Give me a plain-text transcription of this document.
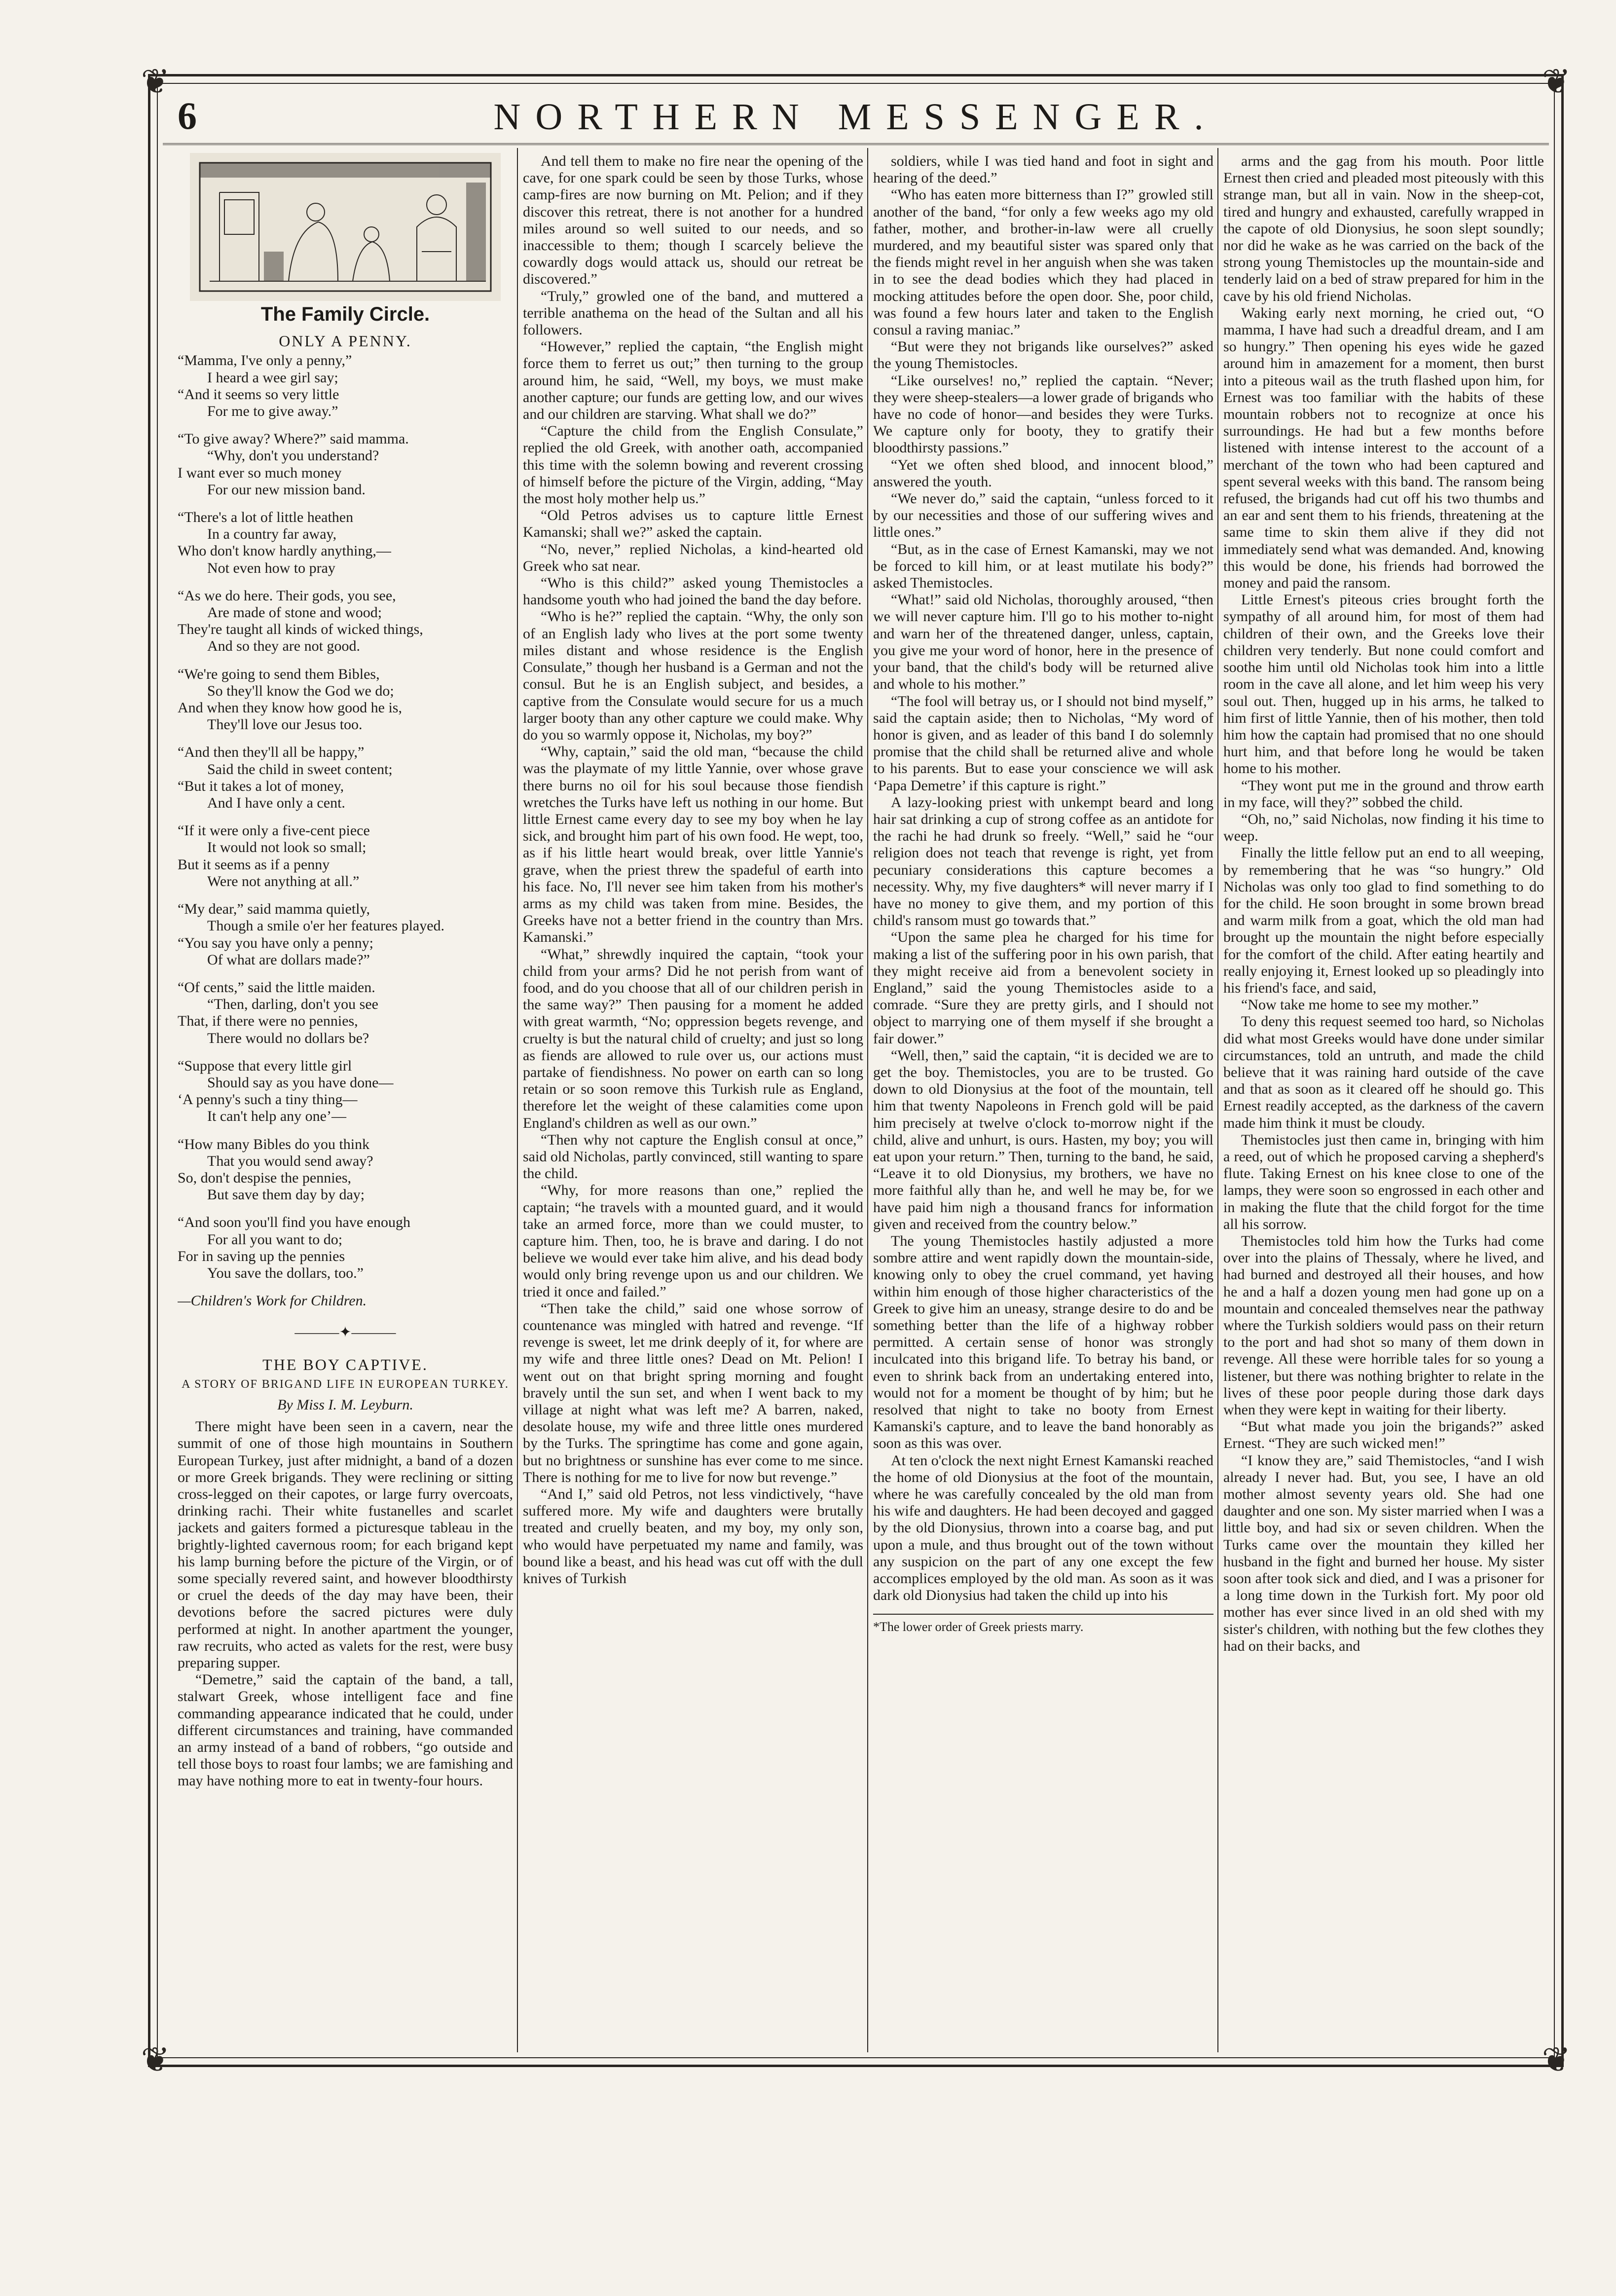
❦	❦
❦	❦
6	NORTHERN MESSENGER.
The Family Circle.
ONLY A PENNY.
“Mamma, I've only a penny,”
I heard a wee girl say;
“And it seems so very little
For me to give away.”
“To give away? Where?” said mamma.
“Why, don't you understand?
I want ever so much money
For our new mission band.
“There's a lot of little heathen
In a country far away,
Who don't know hardly anything,—
Not even how to pray
“As we do here. Their gods, you see,
Are made of stone and wood;
They're taught all kinds of wicked things,
And so they are not good.
“We're going to send them Bibles,
So they'll know the God we do;
And when they know how good he is,
They'll love our Jesus too.
“And then they'll all be happy,”
Said the child in sweet content;
“But it takes a lot of money,
And I have only a cent.
“If it were only a five-cent piece
It would not look so small;
But it seems as if a penny
Were not anything at all.”
“My dear,” said mamma quietly,
Though a smile o'er her features played.
“You say you have only a penny;
Of what are dollars made?”
“Of cents,” said the little maiden.
“Then, darling, don't you see
That, if there were no pennies,
There would no dollars be?
“Suppose that every little girl
Should say as you have done—
‘A penny's such a tiny thing—
It can't help any one’—
“How many Bibles do you think
That you would send away?
So, don't despise the pennies,
But save them day by day;
“And soon you'll find you have enough
For all you want to do;
For in saving up the pennies
You save the dollars, too.”
—Children's Work for Children.
———✦———
THE BOY CAPTIVE.
A STORY OF BRIGAND LIFE IN EUROPEAN TURKEY.
By Miss I. M. Leyburn.

There might have been seen in a cavern, near the summit of one of those high mountains in Southern European Turkey, just after midnight, a band of a dozen or more Greek brigands. They were reclining or sitting cross-legged on their capotes, or large furry overcoats, drinking rachi. Their white fustanelles and scarlet jackets and gaiters formed a picturesque tableau in the brightly-lighted cavernous room; for each brigand kept his lamp burning before the picture of the Virgin, or of some specially revered saint, and however bloodthirsty or cruel the deeds of the day may have been, their devotions before the sacred pictures were duly performed at night. In another apartment the younger, raw recruits, who acted as valets for the rest, were busy preparing supper.

“Demetre,” said the captain of the band, a tall, stalwart Greek, whose intelligent face and fine commanding appearance indicated that he could, under different circumstances and training, have commanded an army instead of a band of robbers, “go outside and tell those boys to roast four lambs; we are famishing and may have nothing more to eat in twenty-four hours.

And tell them to make no fire near the opening of the cave, for one spark could be seen by those Turks, whose camp-fires are now burning on Mt. Pelion; and if they discover this retreat, there is not another for a hundred miles around so well suited to our needs, and so inaccessible to them; though I scarcely believe the cowardly dogs would attack us, should our retreat be discovered.”

“Truly,” growled one of the band, and muttered a terrible anathema on the head of the Sultan and all his followers.

“However,” replied the captain, “the English might force them to ferret us out;” then turning to the group around him, he said, “Well, my boys, we must make another capture; our funds are getting low, and our wives and our children are starving. What shall we do?”

“Capture the child from the English Consulate,” replied the old Greek, with another oath, accompanied this time with the solemn bowing and reverent crossing of himself before the picture of the Virgin, adding, “May the most holy mother help us.”

“Old Petros advises us to capture little Ernest Kamanski; shall we?” asked the captain.

“No, never,” replied Nicholas, a kind-hearted old Greek who sat near.

“Who is this child?” asked young Themistocles a handsome youth who had joined the band the day before.

“Who is he?” replied the captain. “Why, the only son of an English lady who lives at the port some twenty miles distant and whose residence is the English Consulate,” though her husband is a German and not the consul. But he is an English subject, and besides, a captive from the Consulate would secure for us a much larger booty than any other capture we could make. Why do you so warmly oppose it, Nicholas, my boy?”

“Why, captain,” said the old man, “because the child was the playmate of my little Yannie, over whose grave there burns no oil for his soul because those fiendish wretches the Turks have left us nothing in our home. But little Ernest came every day to see my boy when he lay sick, and brought him part of his own food. He wept, too, as if his little heart would break, over little Yannie's grave, when the priest threw the spadeful of earth into his face. No, I'll never see him taken from his mother's arms as my child was taken from mine. Besides, the Greeks have not a better friend in the country than Mrs. Kamanski.”

“What,” shrewdly inquired the captain, “took your child from your arms? Did he not perish from want of food, and do you choose that all of our children perish in the same way?” Then pausing for a moment he added with great warmth, “No; oppression begets revenge, and cruelty is but the natural child of cruelty; and just so long as fiends are allowed to rule over us, our actions must partake of fiendishness. No power on earth can so long retain or so soon remove this Turkish rule as England, therefore let the weight of these calamities come upon England's children as well as our own.”

“Then why not capture the English consul at once,” said old Nicholas, partly convinced, still wanting to spare the child.

“Why, for more reasons than one,” replied the captain; “he travels with a mounted guard, and it would take an armed force, more than we could muster, to capture him. Then, too, he is brave and daring. I do not believe we would ever take him alive, and his dead body would only bring revenge upon us and our children. We tried it once and failed.”

“Then take the child,” said one whose sorrow of countenance was mingled with hatred and revenge. “If revenge is sweet, let me drink deeply of it, for where are my wife and three little ones? Dead on Mt. Pelion! I went out on that bright spring morning and fought bravely until the sun set, and when I went back to my village at night what was left me? A barren, naked, desolate house, my wife and three little ones murdered by the Turks. The springtime has come and gone again, but no brightness or sunshine has ever come to me since. There is nothing for me to live for now but revenge.”

“And I,” said old Petros, not less vindictively, “have suffered more. My wife and daughters were brutally treated and cruelly beaten, and my boy, my only son, who would have perpetuated my name and family, was bound like a beast, and his head was cut off with the dull knives of Turkish

soldiers, while I was tied hand and foot in sight and hearing of the deed.”

“Who has eaten more bitterness than I?” growled still another of the band, “for only a few weeks ago my old father, mother, and brother-in-law were all cruelly murdered, and my beautiful sister was spared only that the fiends might revel in her anguish when she was taken in to see the dead bodies which they had placed in mocking attitudes before the open door. She, poor child, was found a few hours later and taken to the English consul a raving maniac.”

“But were they not brigands like ourselves?” asked the young Themistocles.

“Like ourselves! no,” replied the captain. “Never; they were sheep-stealers—a lower grade of brigands who have no code of honor—and besides they were Turks. We capture only for booty, they to gratify their bloodthirsty passions.”

“Yet we often shed blood, and innocent blood,” answered the youth.

“We never do,” said the captain, “unless forced to it by our necessities and those of our suffering wives and little ones.”

“But, as in the case of Ernest Kamanski, may we not be forced to kill him, or at least mutilate his body?” asked Themistocles.

“What!” said old Nicholas, thoroughly aroused, “then we will never capture him. I'll go to his mother to-night and warn her of the threatened danger, unless, captain, you give me your word of honor, here in the presence of your band, that the child's body will be returned alive and whole to his mother.”

“The fool will betray us, or I should not bind myself,” said the captain aside; then to Nicholas, “My word of honor is given, and as leader of this band I do solemnly promise that the child shall be returned alive and whole to his parents. But to ease your conscience we will ask ‘Papa Demetre’ if this capture is right.”

A lazy-looking priest with unkempt beard and long hair sat drinking a cup of strong coffee as an antidote for the rachi he had drunk so freely. “Well,” said he “our religion does not teach that revenge is right, yet from pecuniary considerations this capture becomes a necessity. Why, my five daughters* will never marry if I have no money to give them, and my portion of this child's ransom must go towards that.”

“Upon the same plea he charged for his time for making a list of the suffering poor in his own parish, that they might receive aid from a benevolent society in England,” said the young Themistocles aside to a comrade. “Sure they are pretty girls, and I should not object to marrying one of them myself if she brought a fair dower.”

“Well, then,” said the captain, “it is decided we are to get the boy. Themistocles, you are to be trusted. Go down to old Dionysius at the foot of the mountain, tell him that twenty Napoleons in French gold will be paid him precisely at twelve o'clock to-morrow night if the child, alive and unhurt, is ours. Hasten, my boy; you will eat upon your return.” Then, turning to the band, he said, “Leave it to old Dionysius, my brothers, we have no more faithful ally than he, and well he may be, for we have paid him nigh a thousand francs for information given and received from the country below.”

The young Themistocles hastily adjusted a more sombre attire and went rapidly down the mountain-side, knowing only to obey the cruel command, yet having within him enough of those higher characteristics of the Greek to give him an uneasy, strange desire to do and be something better than the life of a highway robber permitted. A certain sense of honor was strongly inculcated into this brigand life. To betray his band, or even to shrink back from an undertaking entered into, would not for a moment be thought of by him; but he resolved that night to take no booty from Ernest Kamanski's capture, and to leave the band honorably as soon as this was over.

At ten o'clock the next night Ernest Kamanski reached the home of old Dionysius at the foot of the mountain, where he was carefully concealed by the old man from his wife and daughters. He had been decoyed and gagged by the old Dionysius, thrown into a coarse bag, and put upon a mule, and thus brought out of the town without any suspicion on the part of any one except the few accomplices employed by the old man. As soon as it was dark old Dionysius had taken the child up into his

*The lower order of Greek priests marry.

arms and the gag from his mouth. Poor little Ernest then cried and pleaded most piteously with this strange man, but all in vain. Now in the sheep-cot, tired and hungry and exhausted, carefully wrapped in the capote of old Dionysius, he soon slept soundly; nor did he wake as he was carried on the back of the strong young Themistocles up the mountain-side and tenderly laid on a bed of straw prepared for him in the cave by his old friend Nicholas.

Waking early next morning, he cried out, “O mamma, I have had such a dreadful dream, and I am so hungry.” Then opening his eyes wide he gazed around him in amazement for a moment, then burst into a piteous wail as the truth flashed upon him, for Ernest was too familiar with the habits of these mountain robbers not to recognize at once his surroundings. He had but a few months before listened with intense interest to the account of a merchant of the town who had been captured and spent several weeks with this band. The ransom being refused, the brigands had cut off his two thumbs and an ear and sent them to his friends, threatening at the same time to skin them alive if they did not immediately send what was demanded. And, knowing this would be done, his friends had borrowed the money and paid the ransom.

Little Ernest's piteous cries brought forth the sympathy of all around him, for most of them had children of their own, and the Greeks love their children very tenderly. But none could comfort and soothe him until old Nicholas took him into a little room in the cave all alone, and let him weep his very soul out. Then, hugged up in his arms, he talked to him first of little Yannie, then of his mother, then told him how the captain had promised that no one should hurt him, and that before long he would be taken home to his mother.

“They wont put me in the ground and throw earth in my face, will they?” sobbed the child.

“Oh, no,” said Nicholas, now finding it his time to weep.

Finally the little fellow put an end to all weeping, by remembering that he was “so hungry.” Old Nicholas was only too glad to find something to do for the child. He soon brought in some brown bread and warm milk from a goat, which the old man had brought up the mountain the night before especially for the comfort of the child. After eating heartily and really enjoying it, Ernest looked up so pleadingly into his friend's face, and said,

“Now take me home to see my mother.”

To deny this request seemed too hard, so Nicholas did what most Greeks would have done under similar circumstances, told an untruth, and made the child believe that it was raining hard outside of the cave and that as soon as it cleared off he should go. This Ernest readily accepted, as the darkness of the cavern made him think it must be cloudy.

Themistocles just then came in, bringing with him a reed, out of which he proposed carving a shepherd's flute. Taking Ernest on his knee close to one of the lamps, they were soon so engrossed in each other and in making the flute that the child forgot for the time all his sorrow.

Themistocles told him how the Turks had come over into the plains of Thessaly, where he lived, and had burned and destroyed all their houses, and how he and a half a dozen young men had gone up on a mountain and concealed themselves near the pathway where the Turkish soldiers would pass on their return to the port and had shot so many of them down in revenge. All these were horrible tales for so young a listener, but there was nothing brighter to relate in the lives of these poor people during those dark days when they were kept in waiting for their liberty.

“But what made you join the brigands?” asked Ernest. “They are such wicked men!”

“I know they are,” said Themistocles, “and I wish already I never had. But, you see, I have an old mother almost seventy years old. She had one daughter and one son. My sister married when I was a little boy, and had six or seven children. When the Turks came over the mountain they killed her husband in the fight and burned her house. My sister soon after took sick and died, and I was a prisoner for a long time down in the Turkish fort. My poor old mother has ever since lived in an old shed with my sister's children, with nothing but the few clothes they had on their backs, and
